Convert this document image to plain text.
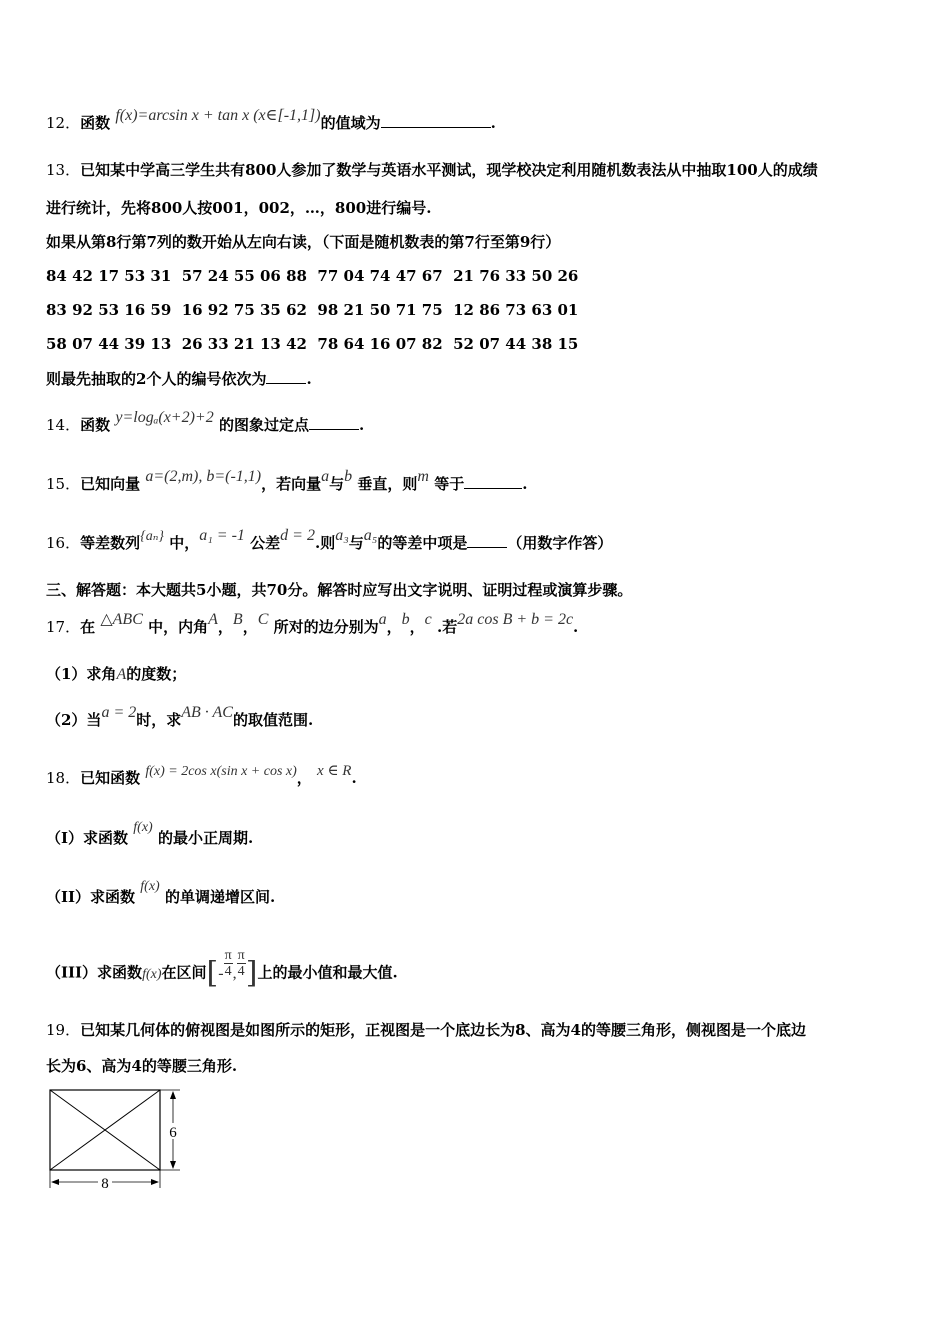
12．函数 f(x)=arcsin x + tan x (x∈[-1,1])的值域为	.
13．已知某中学高三学生共有800人参加了数学与英语水平测试，现学校决定利用随机数表法从中抽取100人的成绩
进行统计，先将800人按001，002，…，800进行编号.
如果从第8行第7列的数开始从左向右读，（下面是随机数表的第7行至第9行）
84 42 17 53 31  57 24 55 06 88  77 04 74 47 67  21 76 33 50 26
83 92 53 16 59  16 92 75 35 62  98 21 50 71 75  12 86 73 63 01
58 07 44 39 13  26 33 21 13 42  78 64 16 07 82  52 07 44 38 15
则最先抽取的2个人的编号依次为	.
14．函数 y=logₐ(x+2)+2 的图象过定点	.
15．已知向量 a=(2,m), b=(-1,1)，若向量a与b 垂直，则m 等于	.
16．等差数列{aₙ} 中，a₁ = -1 公差d = 2.则a₃与a₅的等差中项是	（用数字作答）
三、解答题：本大题共5小题，共70分。解答时应写出文字说明、证明过程或演算步骤。
17．在 △ABC 中，内角A，B，C 所对的边分别为a，b，c .若2a cos B + b = 2c.
（1）求角A的度数；
（2）当a = 2时，求AB · AC的取值范围.
18．已知函数 f(x) = 2cos x(sin x + cos x)， x ∈ R.
（I）求函数 f(x) 的最小正周期.
（II）求函数 f(x) 的单调递增区间.
（III）求函数f(x)在区间[- $\frac{\pi}{4}$ , $\frac{\pi}{4}$ ]上的最小值和最大值.
19．已知某几何体的俯视图是如图所示的矩形，正视图是一个底边长为8、高为4的等腰三角形，侧视图是一个底边
长为6、高为4的等腰三角形.
6
8
